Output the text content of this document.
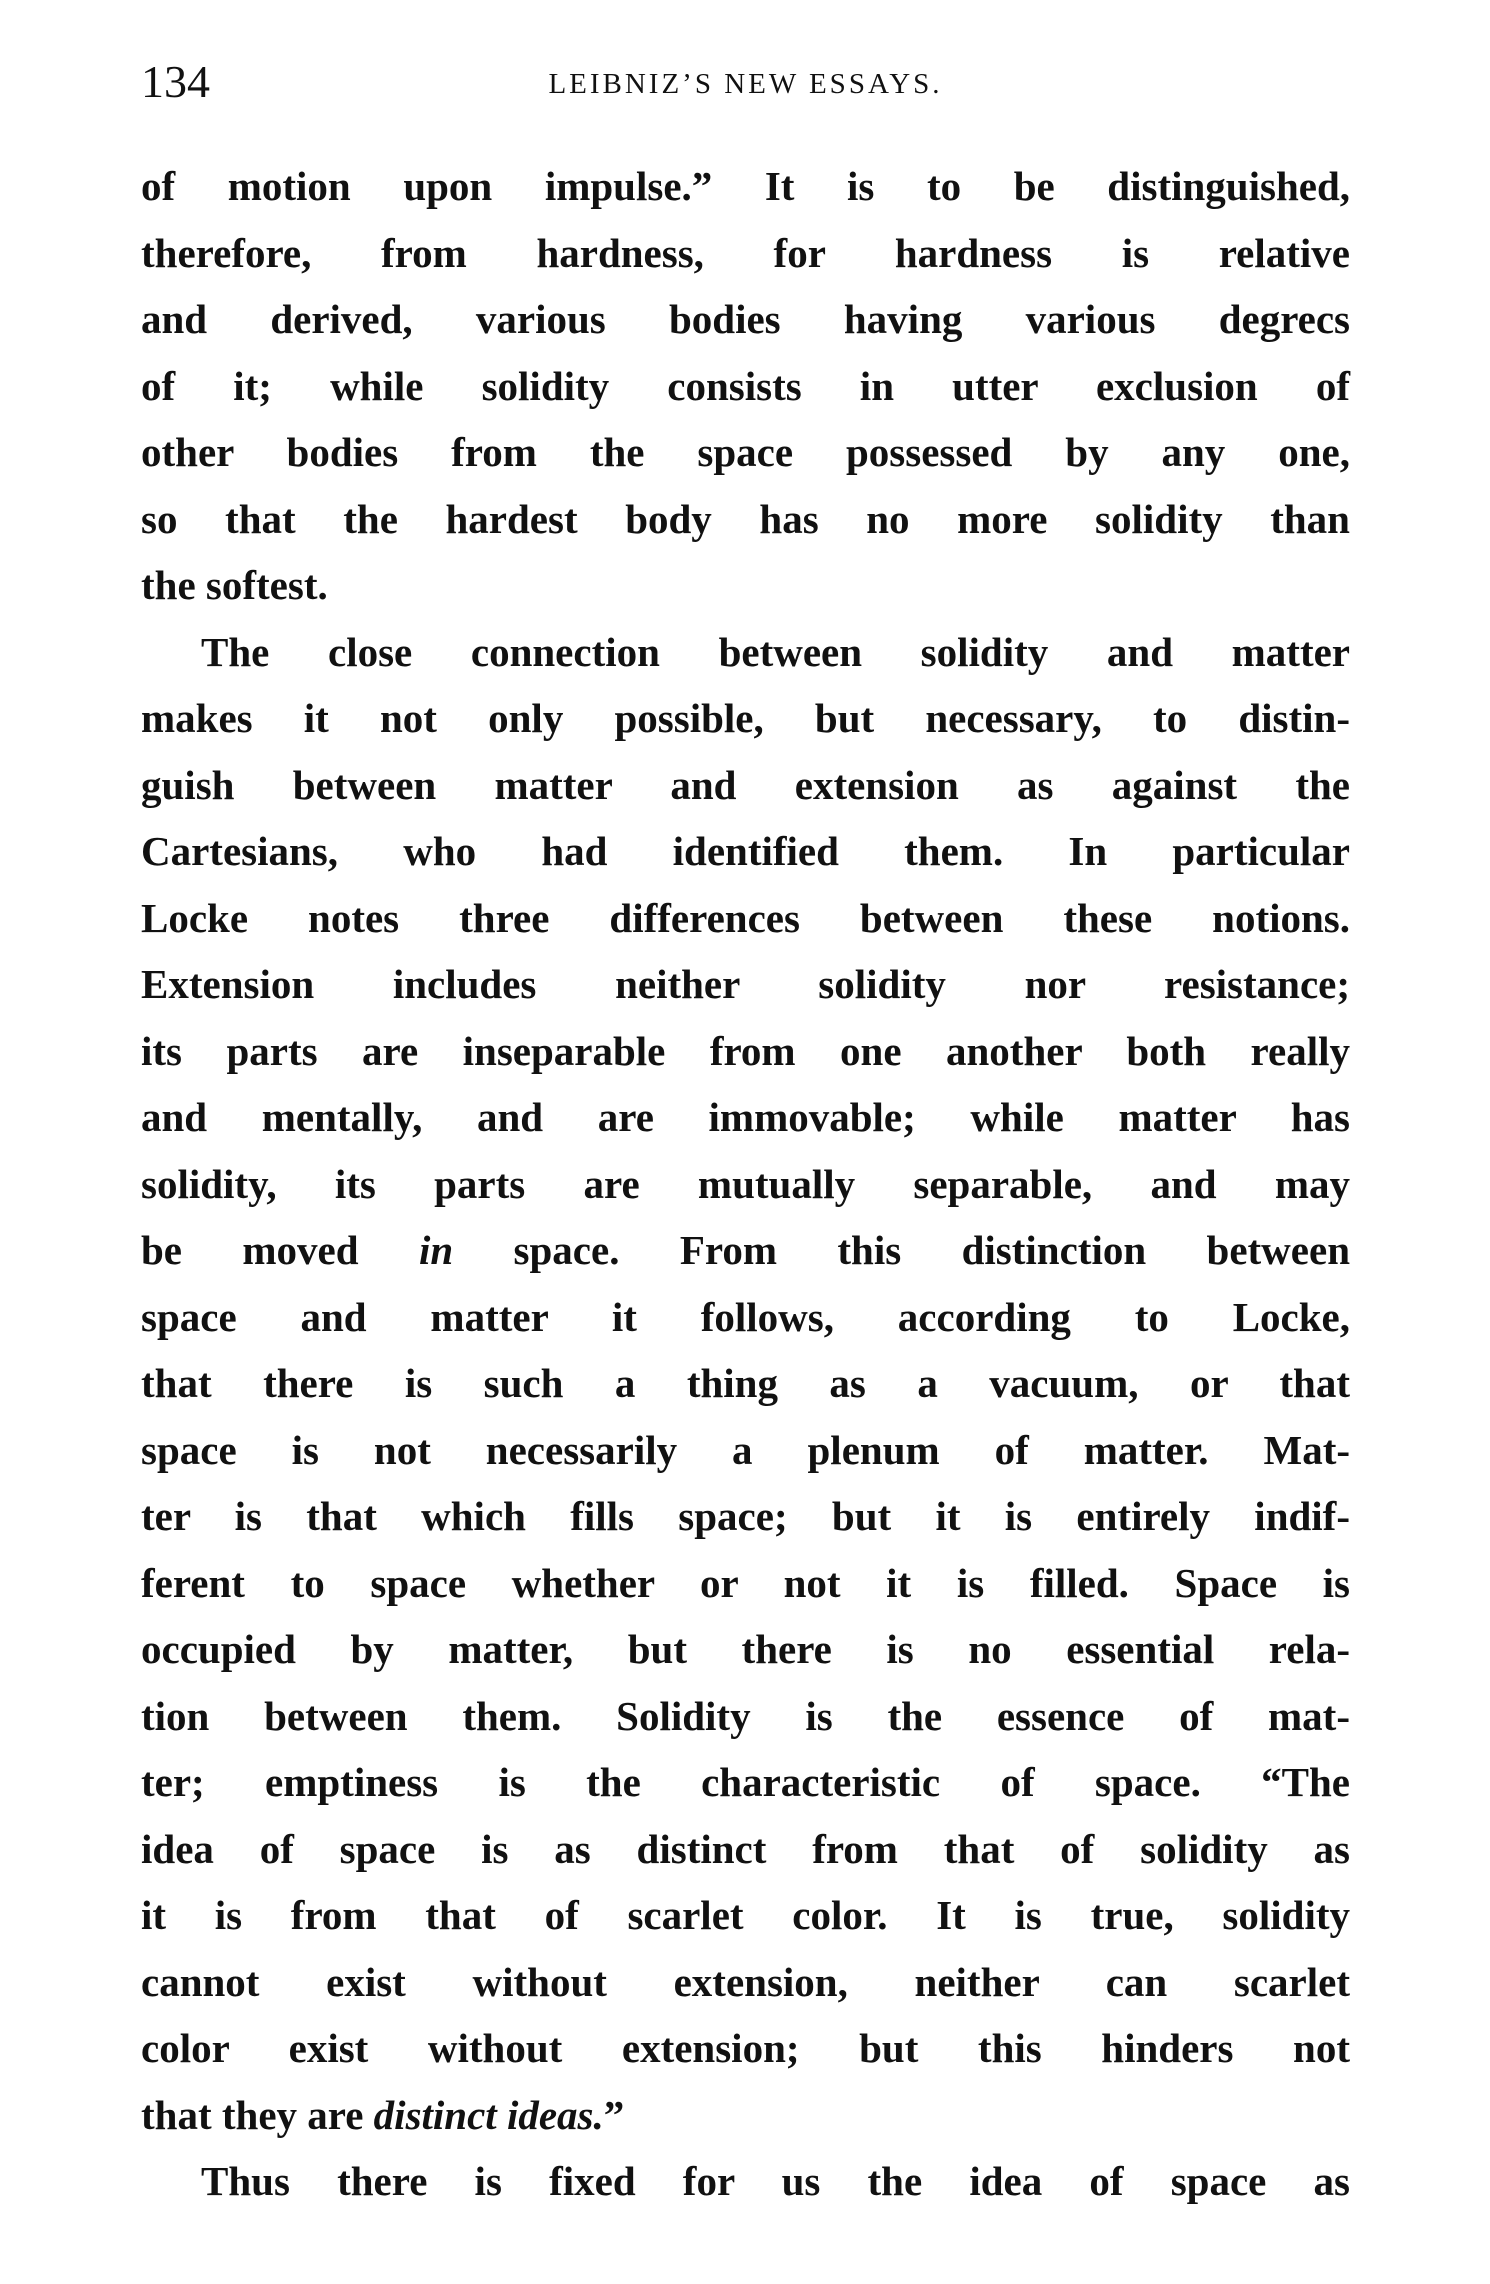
134	LEIBNIZ’S NEW ESSAYS.
of motion upon impulse.” It is to be distinguished,
therefore, from hardness, for hardness is relative
and derived, various bodies having various degrecs
of it; while solidity consists in utter exclusion of
other bodies from the space possessed by any one,
so that the hardest body has no more solidity than
the softest.
The close connection between solidity and matter
makes it not only possible, but necessary, to distin-
guish between matter and extension as against the
Cartesians, who had identified them. In particular
Locke notes three differences between these notions.
Extension includes neither solidity nor resistance;
its parts are inseparable from one another both really
and mentally, and are immovable; while matter has
solidity, its parts are mutually separable, and may
be moved in space. From this distinction between
space and matter it follows, according to Locke,
that there is such a thing as a vacuum, or that
space is not necessarily a plenum of matter. Mat-
ter is that which fills space; but it is entirely indif-
ferent to space whether or not it is filled. Space is
occupied by matter, but there is no essential rela-
tion between them. Solidity is the essence of mat-
ter; emptiness is the characteristic of space. “The
idea of space is as distinct from that of solidity as
it is from that of scarlet color. It is true, solidity
cannot exist without extension, neither can scarlet
color exist without extension; but this hinders not
that they are distinct ideas.”
Thus there is fixed for us the idea of space as
